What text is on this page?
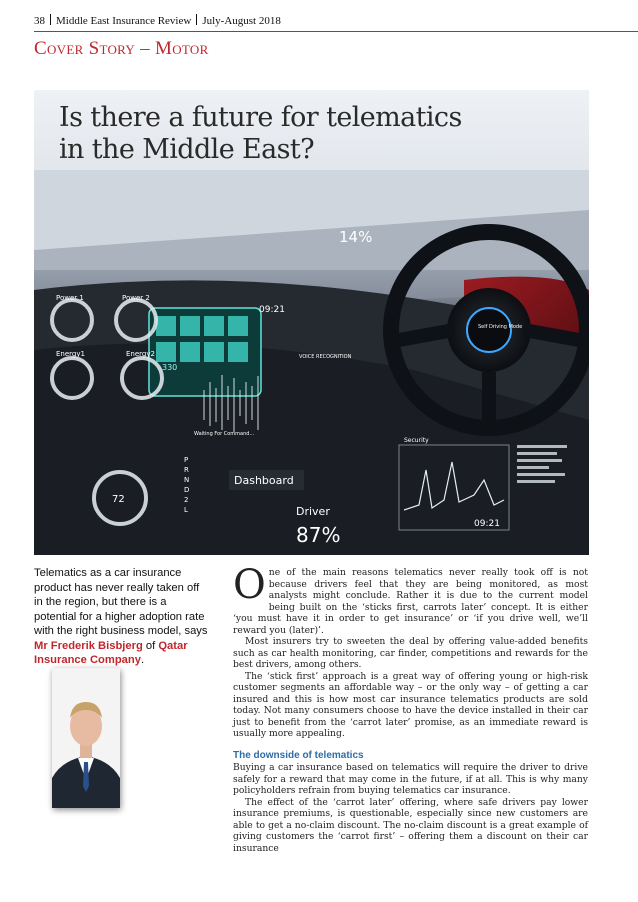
38 Middle East Insurance Review July-August 2018
Cover Story – Motor
Power 1	Power 2
Energy1	Energy2
72
330
14%
09:21
Waiting For Command...
VOICE RECOGNITION
Self Driving Mode
Dashboard
Driver
87%
Security
09:21
P
R
N
D
2
L
Is there a future for telematics
in the Middle East?
Telematics as a car insurance product has never really taken off in the region, but there is a potential for a higher adoption rate with the right business model, says Mr Frederik Bisbjerg of Qatar Insurance Company.

One of the main reasons telematics never really took off is not because drivers feel that they are being monitored, as most analysts might conclude. Rather it is due to the current model being built on the ‘sticks first, carrots later’ concept. It is either ‘you must have it in order to get insurance’ or ‘if you drive well, we’ll reward you (later)’.

Most insurers try to sweeten the deal by offering value-added benefits such as car health monitoring, car finder, competitions and rewards for the best drivers, among others.

The ‘stick first’ approach is a great way of offering young or high-risk customer segments an affordable way – or the only way – of getting a car insured and this is how most car insurance telematics products are sold today. Not many consumers choose to have the device installed in their car just to benefit from the ‘carrot later’ promise, as an immediate reward is usually more appealing.

The downside of telematics

Buying a car insurance based on telematics will require the driver to drive safely for a reward that may come in the future, if at all. This is why many policyholders refrain from buying telematics car insurance.

The effect of the ‘carrot later’ offering, where safe drivers pay lower insurance premiums, is questionable, especially since new customers are able to get a no-claim discount. The no-claim discount is a great example of giving customers the ‘carrot first’ – offering them a discount on their car insurance
